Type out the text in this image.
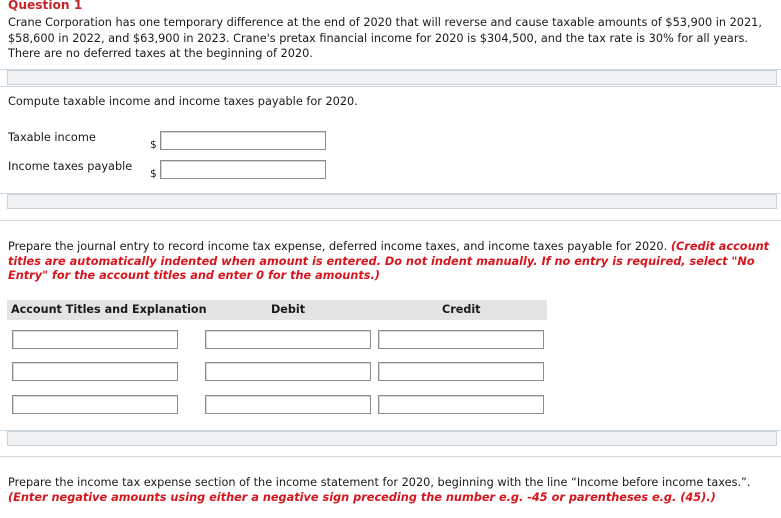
Question 1
Crane Corporation has one temporary difference at the end of 2020 that will reverse and cause taxable amounts of $53,900 in 2021, $58,600 in 2022, and $63,900 in 2023. Crane's pretax financial income for 2020 is $304,500, and the tax rate is 30% for all years. There are no deferred taxes at the beginning of 2020.
Compute taxable income and income taxes payable for 2020.
Taxable income
$
Income taxes payable
$
Prepare the journal entry to record income tax expense, deferred income taxes, and income taxes payable for 2020. (Credit account titles are automatically indented when amount is entered. Do not indent manually. If no entry is required, select "No Entry" for the account titles and enter 0 for the amounts.)
Account Titles and Explanation	Debit	Credit
Prepare the income tax expense section of the income statement for 2020, beginning with the line “Income before income taxes.”. (Enter negative amounts using either a negative sign preceding the number e.g. -45 or parentheses e.g. (45).)
